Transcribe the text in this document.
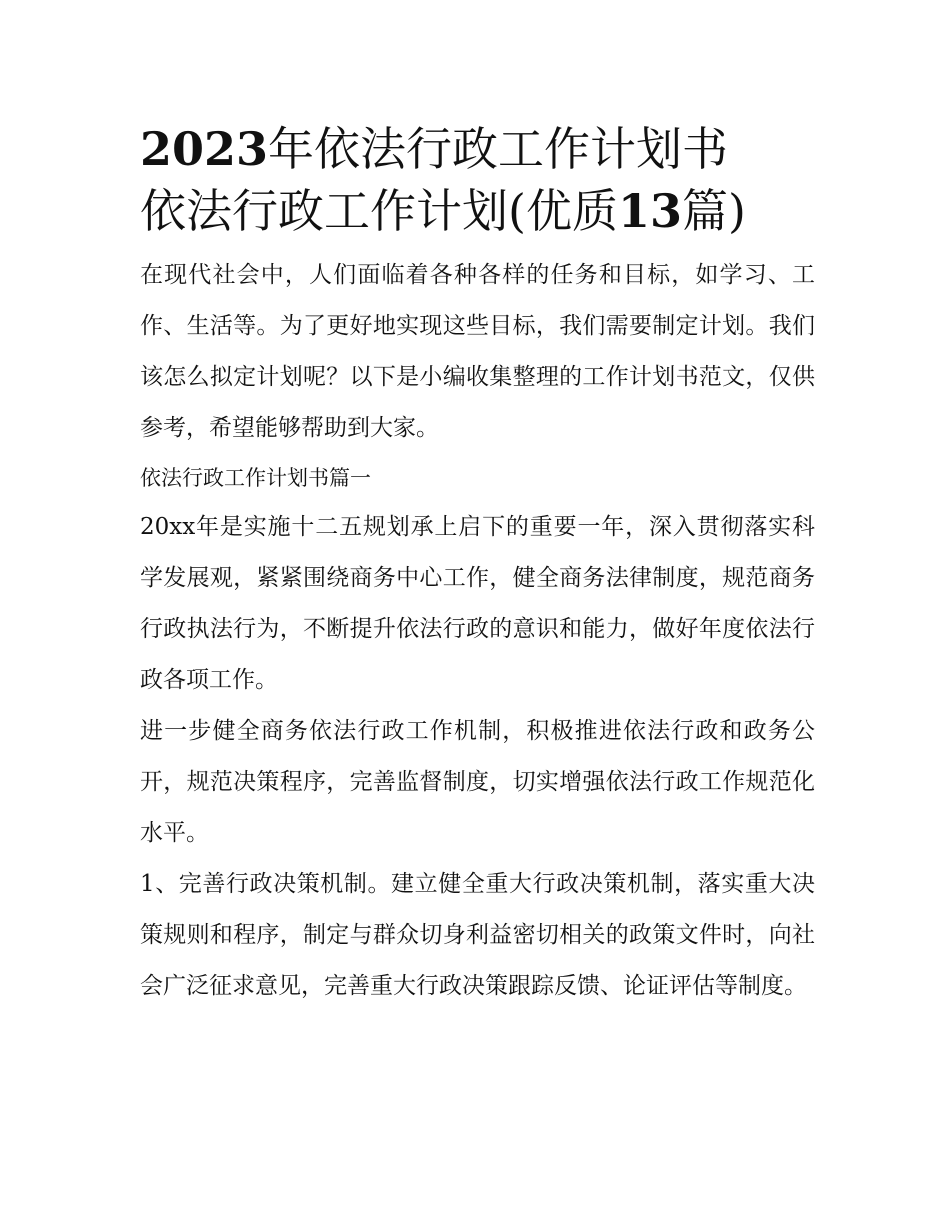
2023年依法行政工作计划书
依法行政工作计划(优质13篇)

在现代社会中，人们面临着各种各样的任务和目标，如学习、工作、生活等。为了更好地实现这些目标，我们需要制定计划。我们该怎么拟定计划呢？以下是小编收集整理的工作计划书范文，仅供参考，希望能够帮助到大家。

依法行政工作计划书篇一

20xx年是实施十二五规划承上启下的重要一年，深入贯彻落实科学发展观，紧紧围绕商务中心工作，健全商务法律制度，规范商务行政执法行为，不断提升依法行政的意识和能力，做好年度依法行政各项工作。

进一步健全商务依法行政工作机制，积极推进依法行政和政务公开，规范决策程序，完善监督制度，切实增强依法行政工作规范化水平。

1、完善行政决策机制。建立健全重大行政决策机制，落实重大决策规则和程序，制定与群众切身利益密切相关的政策文件时，向社会广泛征求意见，完善重大行政决策跟踪反馈、论证评估等制度。
